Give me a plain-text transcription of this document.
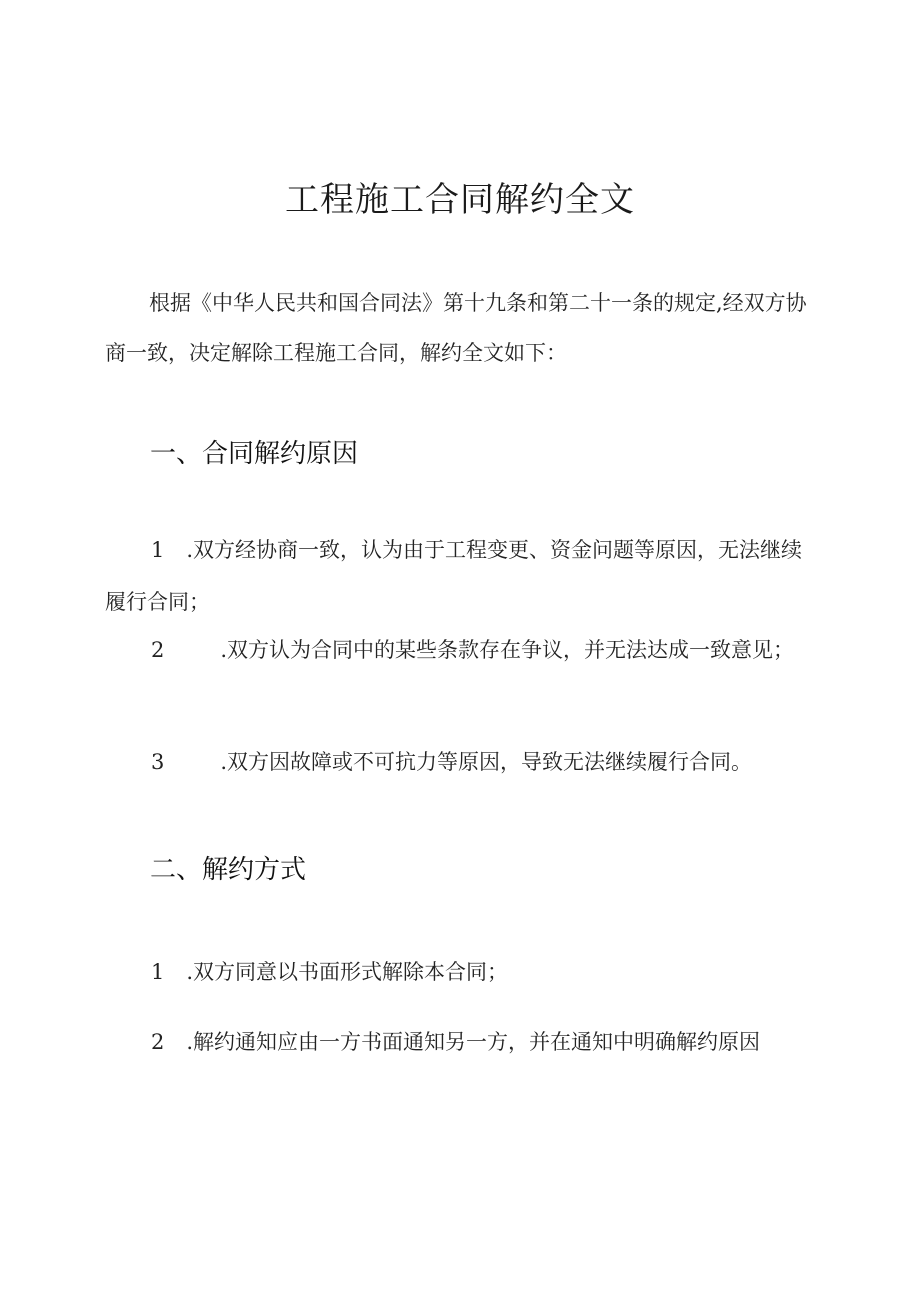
工程施工合同解约全文
根据《中华人民共和国合同法》第十九条和第二十一条的规定,经双方协商一致，决定解除工程施工合同，解约全文如下：
一、合同解约原因
1 .双方经协商一致，认为由于工程变更、资金问题等原因，无法继续履行合同；
2	.双方认为合同中的某些条款存在争议，并无法达成一致意见；
3	.双方因故障或不可抗力等原因，导致无法继续履行合同。
二、解约方式
1 .双方同意以书面形式解除本合同；
2 .解约通知应由一方书面通知另一方，并在通知中明确解约原因
